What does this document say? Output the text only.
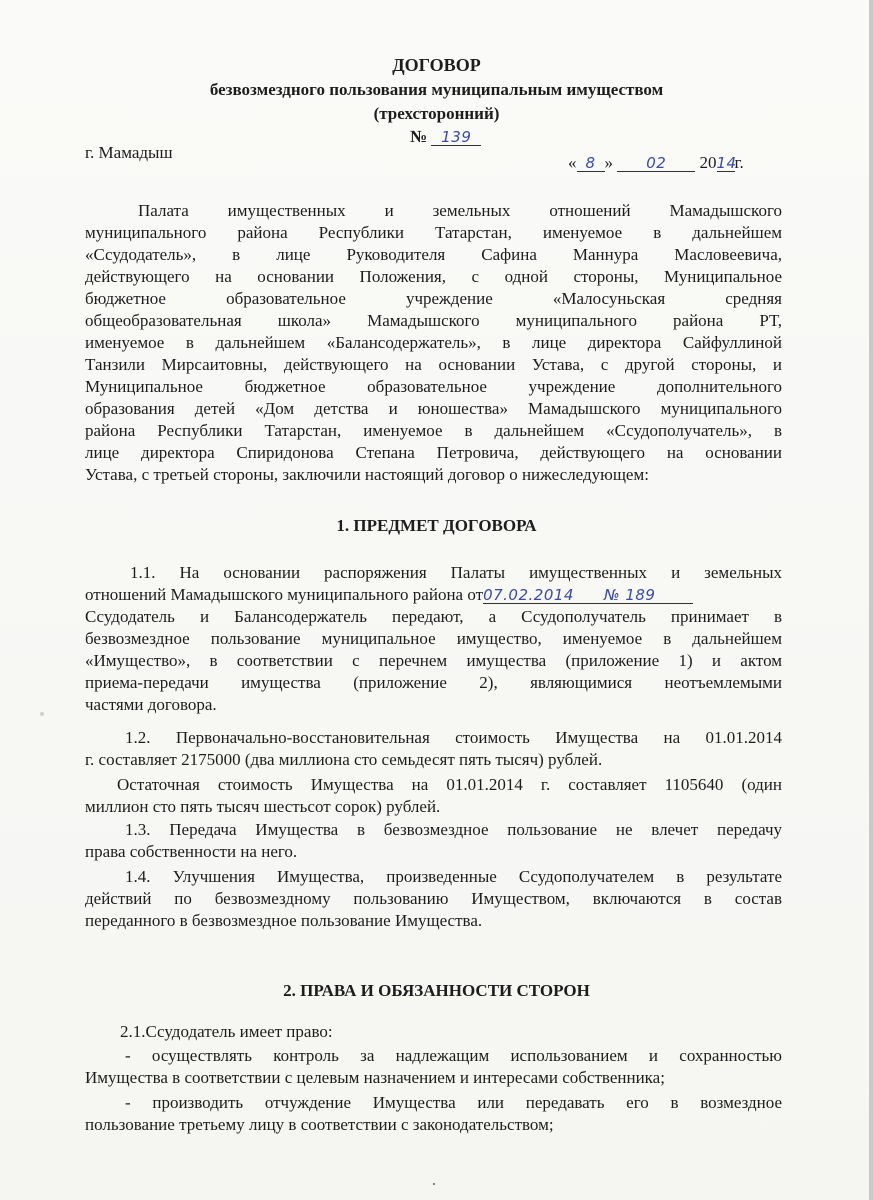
ДОГОВОР
безвозмездного пользования муниципальным имуществом
(трехсторонний)
№ 139
г. Мамадыш
« 8 » 02 2014г.
Палата имущественных и земельных отношений Мамадышского
муниципального района Республики Татарстан, именуемое в дальнейшем
«Ссудодатель», в лице Руководителя Сафина Маннура Масловеевича,
действующего на основании Положения, с одной стороны, Муниципальное
бюджетное образовательное учреждение «Малосуньская средняя
общеобразовательная школа» Мамадышского муниципального района РТ,
именуемое в дальнейшем «Балансодержатель», в лице директора Сайфуллиной
Танзили Мирсаитовны, действующего на основании Устава, с другой стороны, и
Муниципальное бюджетное образовательное учреждение дополнительного
образования детей «Дом детства и юношества» Мамадышского муниципального
района Республики Татарстан, именуемое в дальнейшем «Ссудополучатель», в
лице директора Спиридонова Степана Петровича, действующего на основании
Устава, с третьей стороны, заключили настоящий договор о нижеследующем:
1. ПРЕДМЕТ ДОГОВОРА
1.1. На основании распоряжения Палаты имущественных и земельных
отношений Мамадышского муниципального района от07.02.2014 № 189
Ссудодатель и Балансодержатель передают, а Ссудополучатель принимает в
безвозмездное пользование муниципальное имущество, именуемое в дальнейшем
«Имущество», в соответствии с перечнем имущества (приложение 1) и актом
приема-передачи имущества (приложение 2), являющимися неотъемлемыми
частями договора.
1.2. Первоначально-восстановительная стоимость Имущества на 01.01.2014
г. составляет 2175000 (два миллиона сто семьдесят пять тысяч) рублей.
Остаточная стоимость Имущества на 01.01.2014 г. составляет 1105640 (один
миллион сто пять тысяч шестьсот сорок) рублей.
1.3. Передача Имущества в безвозмездное пользование не влечет передачу
права собственности на него.
1.4. Улучшения Имущества, произведенные Ссудополучателем в результате
действий по безвозмездному пользованию Имуществом, включаются в состав
переданного в безвозмездное пользование Имущества.
2. ПРАВА И ОБЯЗАННОСТИ СТОРОН
2.1.Ссудодатель имеет право:
- осуществлять контроль за надлежащим использованием и сохранностью
Имущества в соответствии с целевым назначением и интересами собственника;
- производить отчуждение Имущества или передавать его в возмездное
пользование третьему лицу в соответствии с законодательством;
